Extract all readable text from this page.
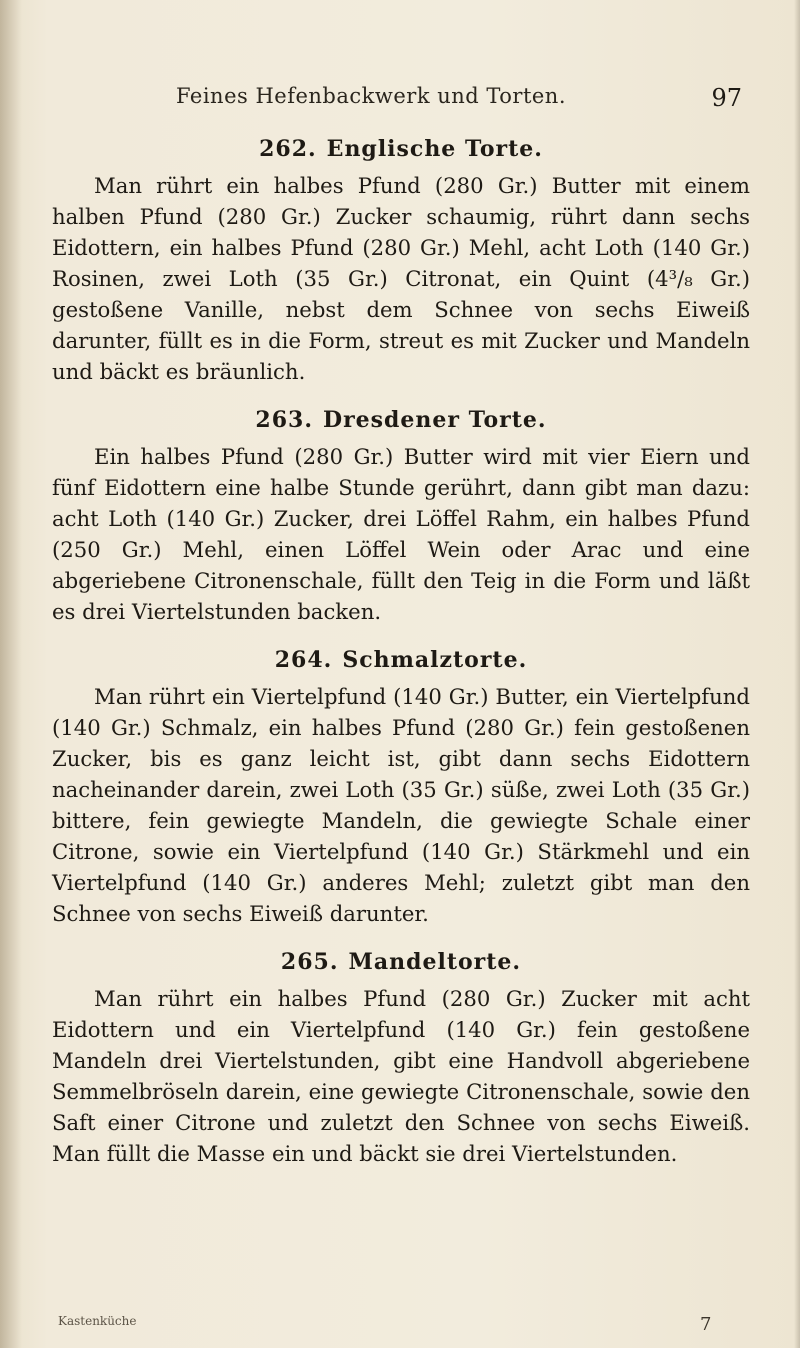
Feines Hefenbackwerk und Torten.	97
262. Englische Torte.

Man rührt ein halbes Pfund (280 Gr.) Butter mit einem halben Pfund (280 Gr.) Zucker schaumig, rührt dann sechs Eidottern, ein halbes Pfund (280 Gr.) Mehl, acht Loth (140 Gr.) Rosinen, zwei Loth (35 Gr.) Citronat, ein Quint (4³/₈ Gr.) gestoßene Vanille, nebst dem Schnee von sechs Eiweiß darunter, füllt es in die Form, streut es mit Zucker und Mandeln und bäckt es bräunlich.

263. Dresdener Torte.

Ein halbes Pfund (280 Gr.) Butter wird mit vier Eiern und fünf Eidottern eine halbe Stunde gerührt, dann gibt man dazu: acht Loth (140 Gr.) Zucker, drei Löffel Rahm, ein halbes Pfund (250 Gr.) Mehl, einen Löffel Wein oder Arac und eine abgeriebene Citronenschale, füllt den Teig in die Form und läßt es drei Viertelstunden backen.

264. Schmalztorte.

Man rührt ein Viertelpfund (140 Gr.) Butter, ein Viertelpfund (140 Gr.) Schmalz, ein halbes Pfund (280 Gr.) fein gestoßenen Zucker, bis es ganz leicht ist, gibt dann sechs Eidottern nacheinander darein, zwei Loth (35 Gr.) süße, zwei Loth (35 Gr.) bittere, fein gewiegte Mandeln, die gewiegte Schale einer Citrone, sowie ein Viertelpfund (140 Gr.) Stärkmehl und ein Viertelpfund (140 Gr.) anderes Mehl; zuletzt gibt man den Schnee von sechs Eiweiß darunter.

265. Mandeltorte.

Man rührt ein halbes Pfund (280 Gr.) Zucker mit acht Eidottern und ein Viertelpfund (140 Gr.) fein gestoßene Mandeln drei Viertelstunden, gibt eine Handvoll abgeriebene Semmelbröseln darein, eine gewiegte Citronenschale, sowie den Saft einer Citrone und zuletzt den Schnee von sechs Eiweiß. Man füllt die Masse ein und bäckt sie drei Viertelstunden.

Kastenküche	7
